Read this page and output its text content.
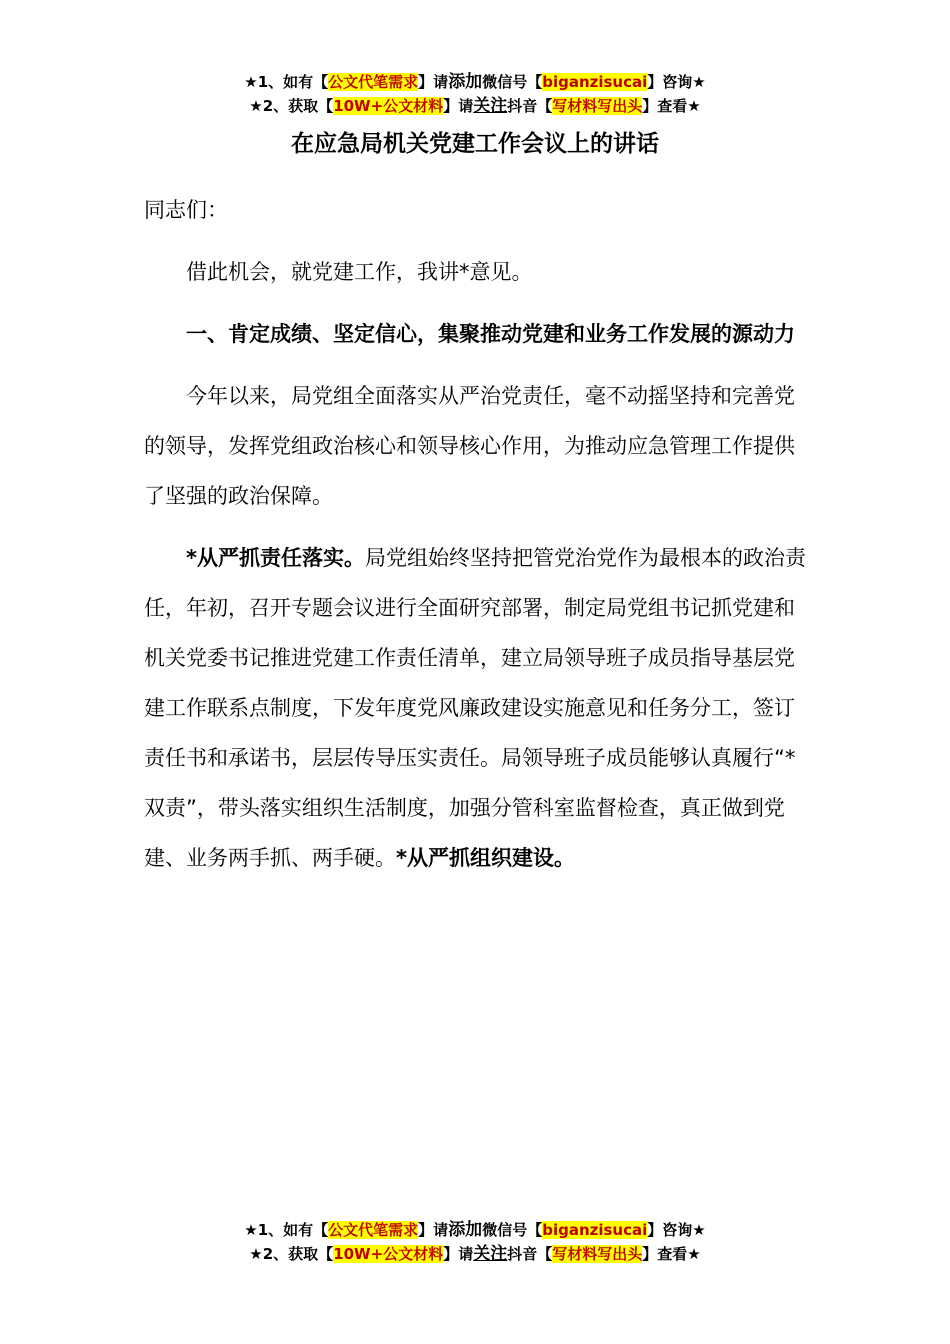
★1、如有【公文代笔需求】请添加微信号【biganzisucai】咨询★
★2、获取【10W+公文材料】请关注抖音【写材料写出头】查看★
在应急局机关党建工作会议上的讲话

同志们：

借此机会，就党建工作，我讲*意见。

一、肯定成绩、坚定信心，集聚推动党建和业务工作发展的源动力

今年以来，局党组全面落实从严治党责任，毫不动摇坚持和完善党的领导，发挥党组政治核心和领导核心作用，为推动应急管理工作提供了坚强的政治保障。

*从严抓责任落实。局党组始终坚持把管党治党作为最根本的政治责任，年初，召开专题会议进行全面研究部署，制定局党组书记抓党建和机关党委书记推进党建工作责任清单，建立局领导班子成员指导基层党建工作联系点制度，下发年度党风廉政建设实施意见和任务分工，签订责任书和承诺书，层层传导压实责任。局领导班子成员能够认真履行“*双责”，带头落实组织生活制度，加强分管科室监督检查，真正做到党建、业务两手抓、两手硬。*从严抓组织建设。

★1、如有【公文代笔需求】请添加微信号【biganzisucai】咨询★
★2、获取【10W+公文材料】请关注抖音【写材料写出头】查看★
